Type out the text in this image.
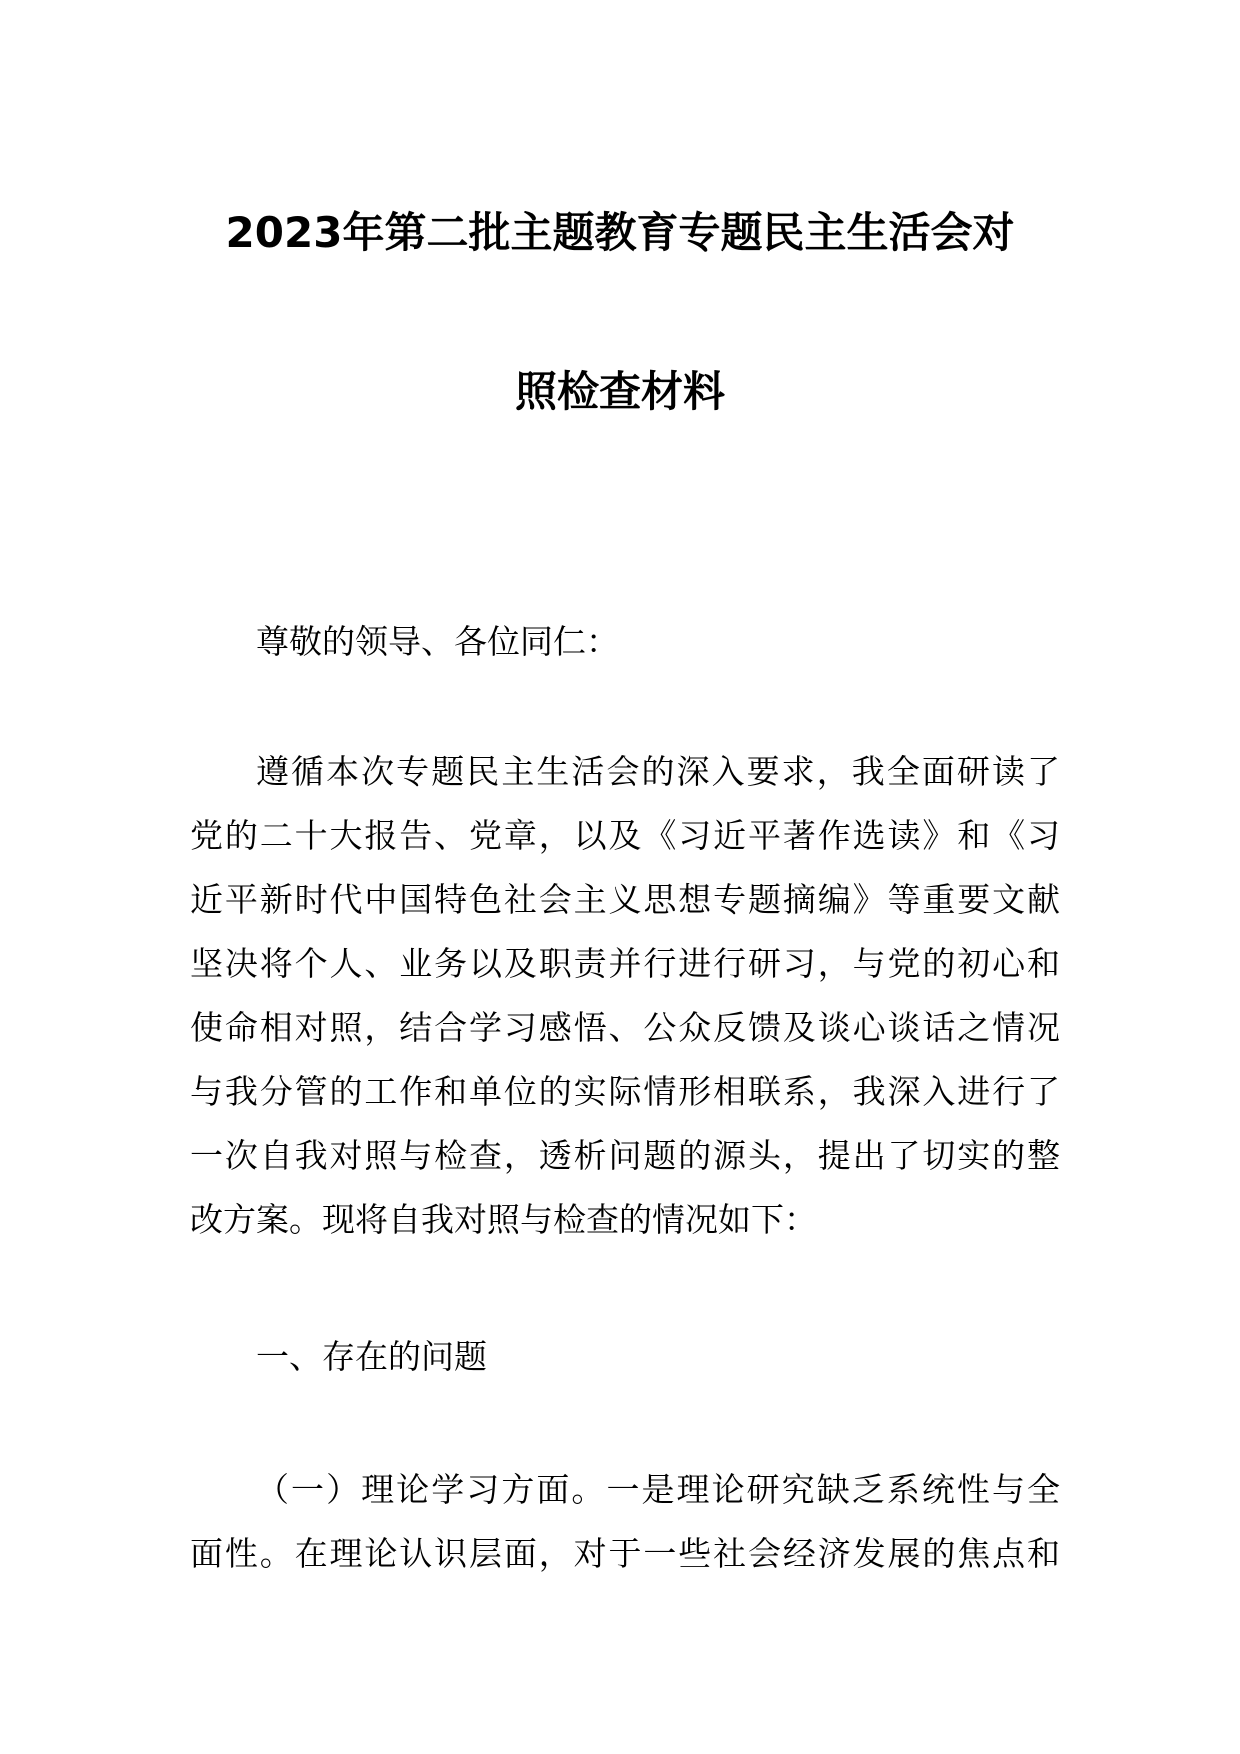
2023年第二批主题教育专题民主生活会对
照检查材料
尊敬的领导、各位同仁：
遵循本次专题民主生活会的深入要求，我全面研读了
党的二十大报告、党章，以及《习近平著作选读》和《习
近平新时代中国特色社会主义思想专题摘编》等重要文献
坚决将个人、业务以及职责并行进行研习，与党的初心和
使命相对照，结合学习感悟、公众反馈及谈心谈话之情况
与我分管的工作和单位的实际情形相联系，我深入进行了
一次自我对照与检查，透析问题的源头，提出了切实的整
改方案。现将自我对照与检查的情况如下：
一、存在的问题
（一）理论学习方面。一是理论研究缺乏系统性与全
面性。在理论认识层面，对于一些社会经济发展的焦点和
